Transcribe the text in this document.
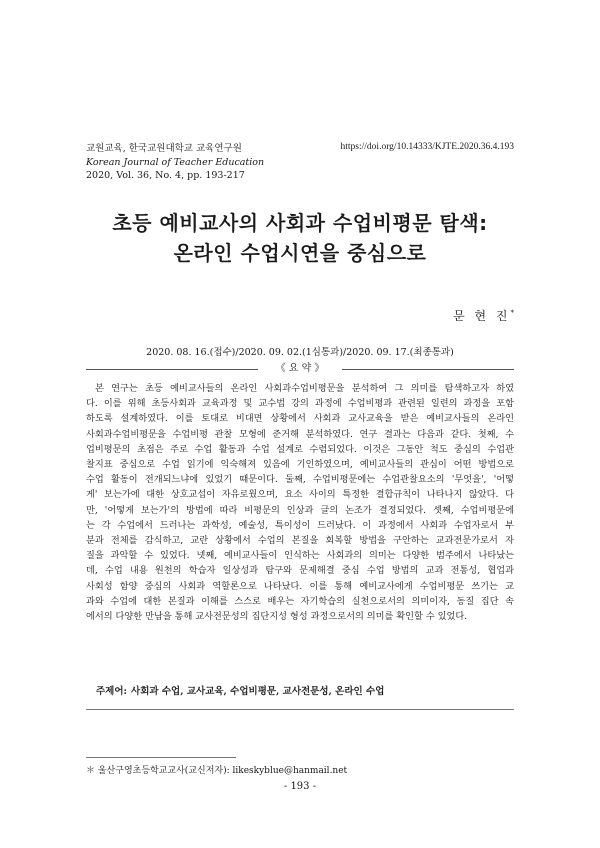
교원교육, 한국교원대학교 교육연구원
Korean Journal of Teacher Education
2020, Vol. 36, No. 4, pp. 193-217
https://doi.org/10.14333/KJTE.2020.36.4.193
초등 예비교사의 사회과 수업비평문 탐색:
온라인 수업시연을 중심으로
문 현 진*
2020. 08. 16.(접수)/2020. 09. 02.(1심통과)/2020. 09. 17.(최종통과)
《 요 약 》
본 연구는 초등 예비교사들의 온라인 사회과수업비평문을 분석하여 그 의미를 탐색하고자 하였
다. 이를 위해 초등사회과 교육과정 및 교수법 강의 과정에 수업비평과 관련된 일련의 과정을 포함
하도록 설계하였다. 이를 토대로 비대면 상황에서 사회과 교사교육을 받은 예비교사들의 온라인
사회과수업비평문을 수업비평 관찰 모형에 준거해 분석하였다. 연구 결과는 다음과 같다. 첫째, 수
업비평문의 초점은 주로 수업 활동과 수업 설계로 수렴되었다. 이것은 그동안 척도 중심의 수업관
찰지표 중심으로 수업 읽기에 익숙해져 있음에 기인하였으며, 예비교사들의 관심이 어떤 방법으로
수업 활동이 전개되느냐에 있었기 때문이다. 둘째, 수업비평문에는 수업관찰요소의 '무엇을', '어떻
게' 보는가에 대한 상호교섭이 자유로웠으며, 요소 사이의 특정한 결합규칙이 나타나지 않았다. 다
만, '어떻게 보는가'의 방법에 따라 비평문의 인상과 글의 논조가 결정되었다. 셋째, 수업비평문에
는 각 수업에서 드러나는 과학성, 예술성, 특이성이 드러났다. 이 과정에서 사회과 수업자로서 부
분과 전체를 감식하고, 교란 상황에서 수업의 본질을 회복할 방법을 구안하는 교과전문가로서 자
질을 과악할 수 있었다. 넷째, 예비교사들이 인식하는 사회과의 의미는 다양한 범주에서 나타났는
데, 수업 내용 원천의 학습자 일상성과 탐구와 문제해결 중심 수업 방법의 교과 전통성, 협업과
사회성 함양 중심의 사회과 역할론으로 나타났다. 이를 통해 예비교사에게 수업비평문 쓰기는 교
과와 수업에 대한 본질과 이해를 스스로 배우는 자기학습의 실천으로서의 의미이자, 동질 집단 속
에서의 다양한 만남을 통해 교사전문성의 집단지성 형성 과정으로서의 의미를 확인할 수 있었다.
주제어: 사회과 수업, 교사교육, 수업비평문, 교사전문성, 온라인 수업
＊ 울산구영초등학교교사(교신저자): likeskyblue@hanmail.net
- 193 -
